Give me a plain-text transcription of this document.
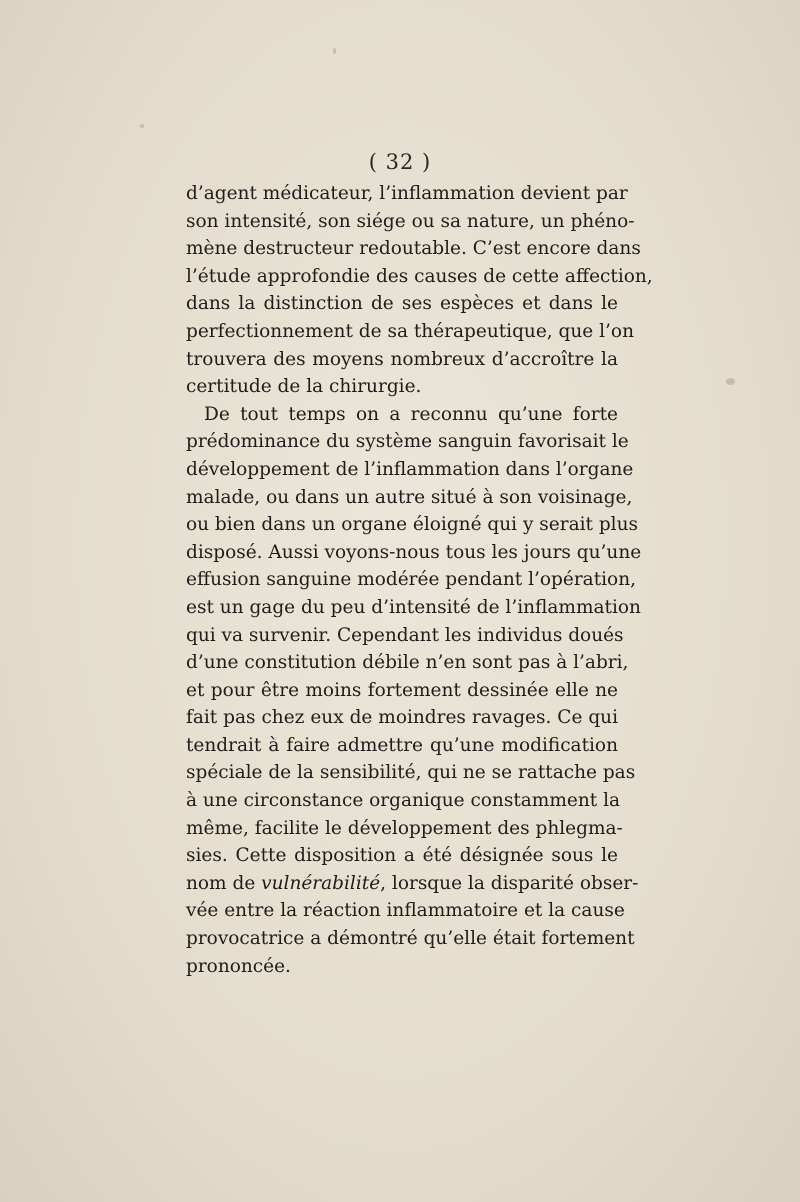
( 32 )
d’agent médicateur, l’inflammation devient par
son intensité, son siége ou sa nature, un phéno-
mène destructeur redoutable. C’est encore dans
l’étude approfondie des causes de cette affection,
dans la distinction de ses espèces et dans le
perfectionnement de sa thérapeutique, que l’on
trouvera des moyens nombreux d’accroître la
certitude de la chirurgie.
De tout temps on a reconnu qu’une forte
prédominance du système sanguin favorisait le
développement de l’inflammation dans l’organe
malade, ou dans un autre situé à son voisinage,
ou bien dans un organe éloigné qui y serait plus
disposé. Aussi voyons-nous tous les jours qu’une
effusion sanguine modérée pendant l’opération,
est un gage du peu d’intensité de l’inflammation
qui va survenir. Cependant les individus doués
d’une constitution débile n’en sont pas à l’abri,
et pour être moins fortement dessinée elle ne
fait pas chez eux de moindres ravages. Ce qui
tendrait à faire admettre qu’une modification
spéciale de la sensibilité, qui ne se rattache pas
à une circonstance organique constamment la
même, facilite le développement des phlegma-
sies. Cette disposition a été désignée sous le
nom de vulnérabilité, lorsque la disparité obser-
vée entre la réaction inflammatoire et la cause
provocatrice a démontré qu’elle était fortement
prononcée.
